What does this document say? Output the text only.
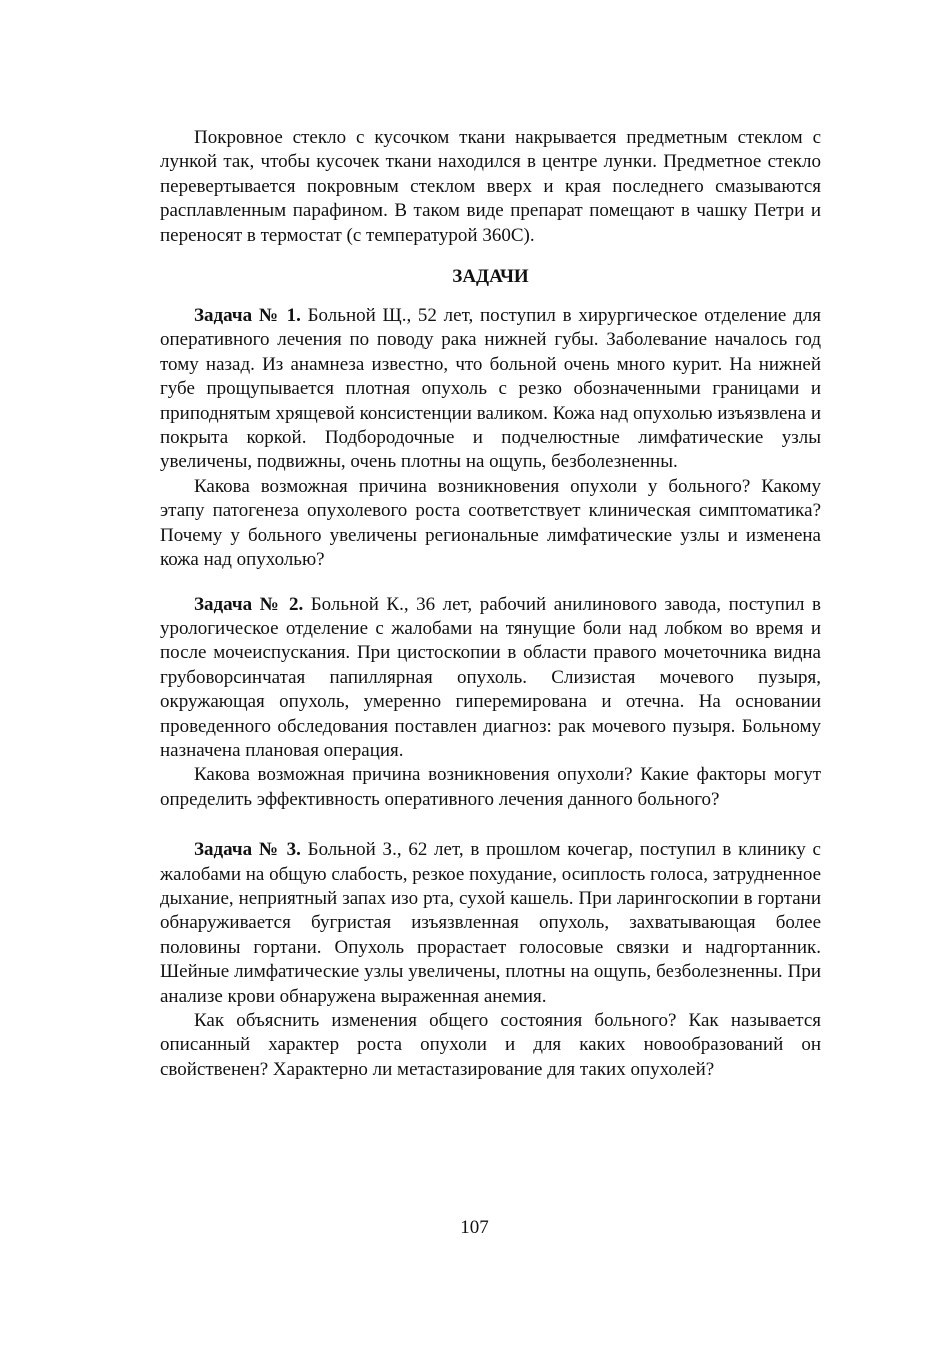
Покровное стекло с кусочком ткани накрывается предметным стеклом с лункой так, чтобы кусочек ткани находился в центре лунки. Предметное стекло перевертывается покровным стеклом вверх и края последнего смазываются расплавленным парафином. В таком виде препарат помещают в чашку Петри и переносят в термостат (с температурой 360С).

ЗАДАЧИ

Задача № 1. Больной Щ., 52 лет, поступил в хирургическое отделение для оперативного лечения по поводу рака нижней губы. Заболевание началось год тому назад. Из анамнеза известно, что больной очень много курит. На нижней губе прощупывается плотная опухоль с резко обозначенными границами и приподнятым хрящевой консистенции валиком. Кожа над опухолью изъязвлена и покрыта коркой. Подбородочные и подчелюстные лимфатические узлы увеличены, подвижны, очень плотны на ощупь, безболезненны.

Какова возможная причина возникновения опухоли у больного? Какому этапу патогенеза опухолевого роста соответствует клиническая симптоматика? Почему у больного увеличены региональные лимфатические узлы и изменена кожа над опухолью?

Задача № 2. Больной К., 36 лет, рабочий анилинового завода, поступил в урологическое отделение с жалобами на тянущие боли над лобком во время и после мочеиспускания. При цистоскопии в области правого мочеточника видна грубоворсинчатая папиллярная опухоль. Слизистая мочевого пузыря, окружающая опухоль, умеренно гиперемирована и отечна. На основании проведенного обследования поставлен диагноз: рак мочевого пузыря. Больному назначена плановая операция.

Какова возможная причина возникновения опухоли? Какие факторы могут определить эффективность оперативного лечения данного больного?

Задача № 3. Больной З., 62 лет, в прошлом кочегар, поступил в клинику с жалобами на общую слабость, резкое похудание, осиплость голоса, затрудненное дыхание, неприятный запах изо рта, сухой кашель. При ларингоскопии в гортани обнаруживается бугристая изъязвленная опухоль, захватывающая более половины гортани. Опухоль прорастает голосовые связки и надгортанник. Шейные лимфатические узлы увеличены, плотны на ощупь, безболезненны. При анализе крови обнаружена выраженная анемия.

Как объяснить изменения общего состояния больного? Как называется описанный характер роста опухоли и для каких новообразований он свойственен? Характерно ли метастазирование для таких опухолей?

107
